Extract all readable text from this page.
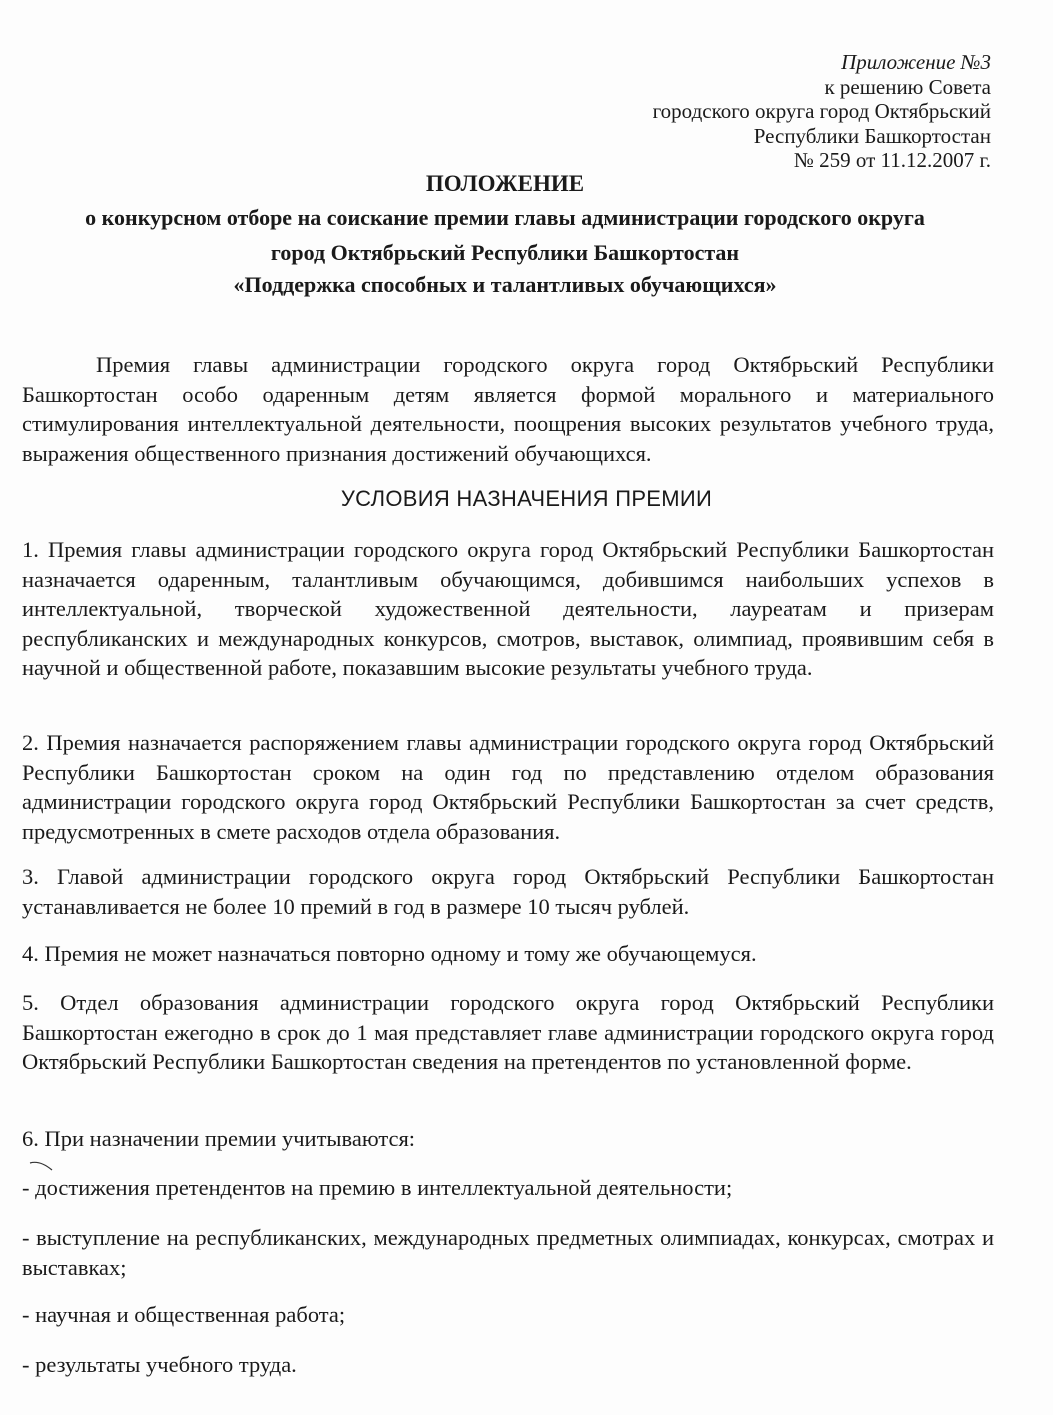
Приложение №3
к решению Совета
городского округа город Октябрьский
Республики Башкортостан
№ 259 от 11.12.2007 г.
ПОЛОЖЕНИЕ
о конкурсном отборе на соискание премии главы администрации городского округа
город Октябрьский Республики Башкортостан
«Поддержка способных и талантливых обучающихся»
Премия главы администрации городского округа город Октябрьский Республики Башкортостан особо одаренным детям является формой морального и материального стимулирования интеллектуальной деятельности, поощрения высоких результатов учебного труда, выражения общественного признания достижений обучающихся.
УСЛОВИЯ НАЗНАЧЕНИЯ ПРЕМИИ
1. Премия главы администрации городского округа город Октябрьский Республики Башкортостан назначается одаренным, талантливым обучающимся, добившимся наибольших успехов в интеллектуальной, творческой художественной деятельности, лауреатам и призерам республиканских и международных конкурсов, смотров, выставок, олимпиад, проявившим себя в научной и общественной работе, показавшим высокие результаты учебного труда.
2. Премия назначается распоряжением главы администрации городского округа город Октябрьский Республики Башкортостан сроком на один год по представлению отделом образования администрации городского округа город Октябрьский Республики Башкортостан за счет средств, предусмотренных в смете расходов отдела образования.
3. Главой администрации городского округа город Октябрьский Республики Башкортостан устанавливается не более 10 премий в год в размере 10 тысяч рублей.
4. Премия не может назначаться повторно одному и тому же обучающемуся.
5. Отдел образования администрации городского округа город Октябрьский Республики Башкортостан ежегодно в срок до 1 мая представляет главе администрации городского округа город Октябрьский Республики Башкортостан сведения на претендентов по установленной форме.
6. При назначении премии учитываются:
- достижения претендентов на премию в интеллектуальной деятельности;
- выступление на республиканских, международных предметных олимпиадах, конкурсах, смотрах и выставках;
- научная и общественная работа;
- результаты учебного труда.
